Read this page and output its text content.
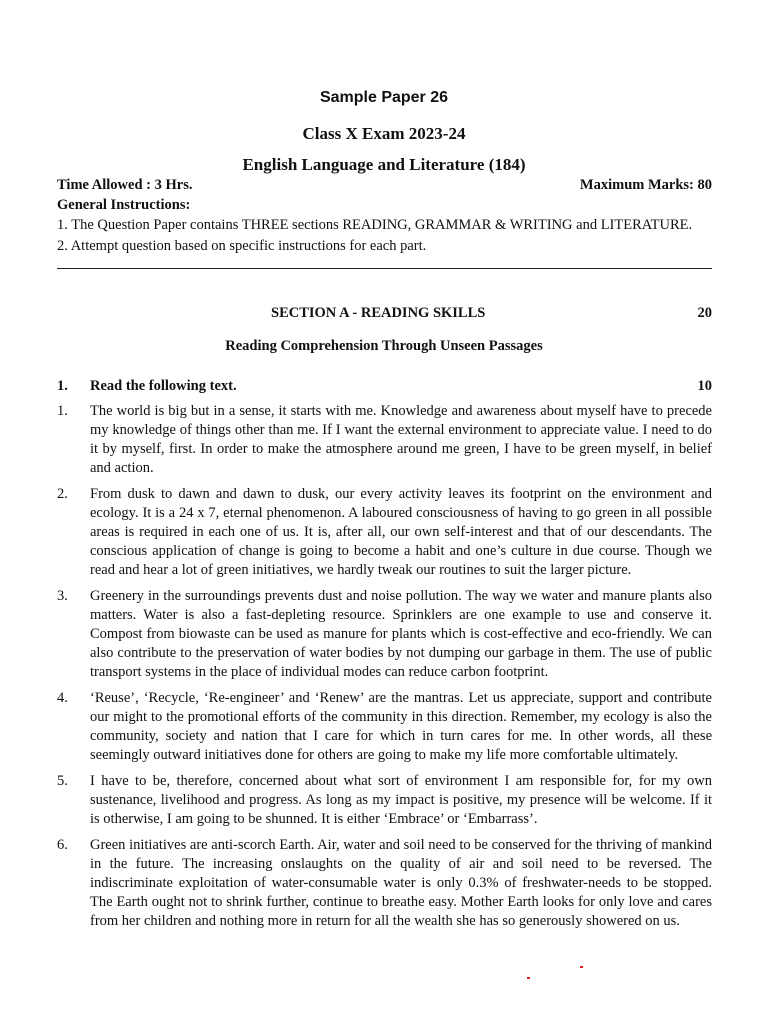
Sample Paper 26
Class X Exam 2023-24
English Language and Literature (184)
Time Allowed : 3 Hrs.	Maximum Marks: 80
General Instructions:
1. The Question Paper contains THREE sections READING, GRAMMAR & WRITING and LITERATURE.
2. Attempt question based on specific instructions for each part.
SECTION A - READING SKILLS	20
Reading Comprehension Through Unseen Passages
1. Read the following text.	10
1.	The world is big but in a sense, it starts with me. Knowledge and awareness about myself have to precede my knowledge of things other than me. If I want the external environment to appreciate value. I need to do it by myself, first. In order to make the atmosphere around me green, I have to be green myself, in belief and action.
2.	From dusk to dawn and dawn to dusk, our every activity leaves its footprint on the environment and ecology. It is a 24 x 7, eternal phenomenon. A laboured consciousness of having to go green in all possible areas is required in each one of us. It is, after all, our own self-interest and that of our descendants. The conscious application of change is going to become a habit and one’s culture in due course. Though we read and hear a lot of green initiatives, we hardly tweak our routines to suit the larger picture.
3.	Greenery in the surroundings prevents dust and noise pollution. The way we water and manure plants also matters. Water is also a fast-depleting resource. Sprinklers are one example to use and conserve it. Compost from biowaste can be used as manure for plants which is cost-effective and eco-friendly. We can also contribute to the preservation of water bodies by not dumping our garbage in them. The use of public transport systems in the place of individual modes can reduce carbon footprint.
4.	‘Reuse’, ‘Recycle, ‘Re-engineer’ and ‘Renew’ are the mantras. Let us appreciate, support and contribute our might to the promotional efforts of the community in this direction. Remember, my ecology is also the community, society and nation that I care for which in turn cares for me. In other words, all these seemingly outward initiatives done for others are going to make my life more comfortable ultimately.
5.	I have to be, therefore, concerned about what sort of environment I am responsible for, for my own sustenance, livelihood and progress. As long as my impact is positive, my presence will be welcome. If it is otherwise, I am going to be shunned. It is either ‘Embrace’ or ‘Embarrass’.
6.	Green initiatives are anti-scorch Earth. Air, water and soil need to be conserved for the thriving of mankind in the future. The increasing onslaughts on the quality of air and soil need to be reversed. The indiscriminate exploitation of water-consumable water is only 0.3% of freshwater-needs to be stopped. The Earth ought not to shrink further, continue to breathe easy. Mother Earth looks for only love and cares from her children and nothing more in return for all the wealth she has so generously showered on us.
